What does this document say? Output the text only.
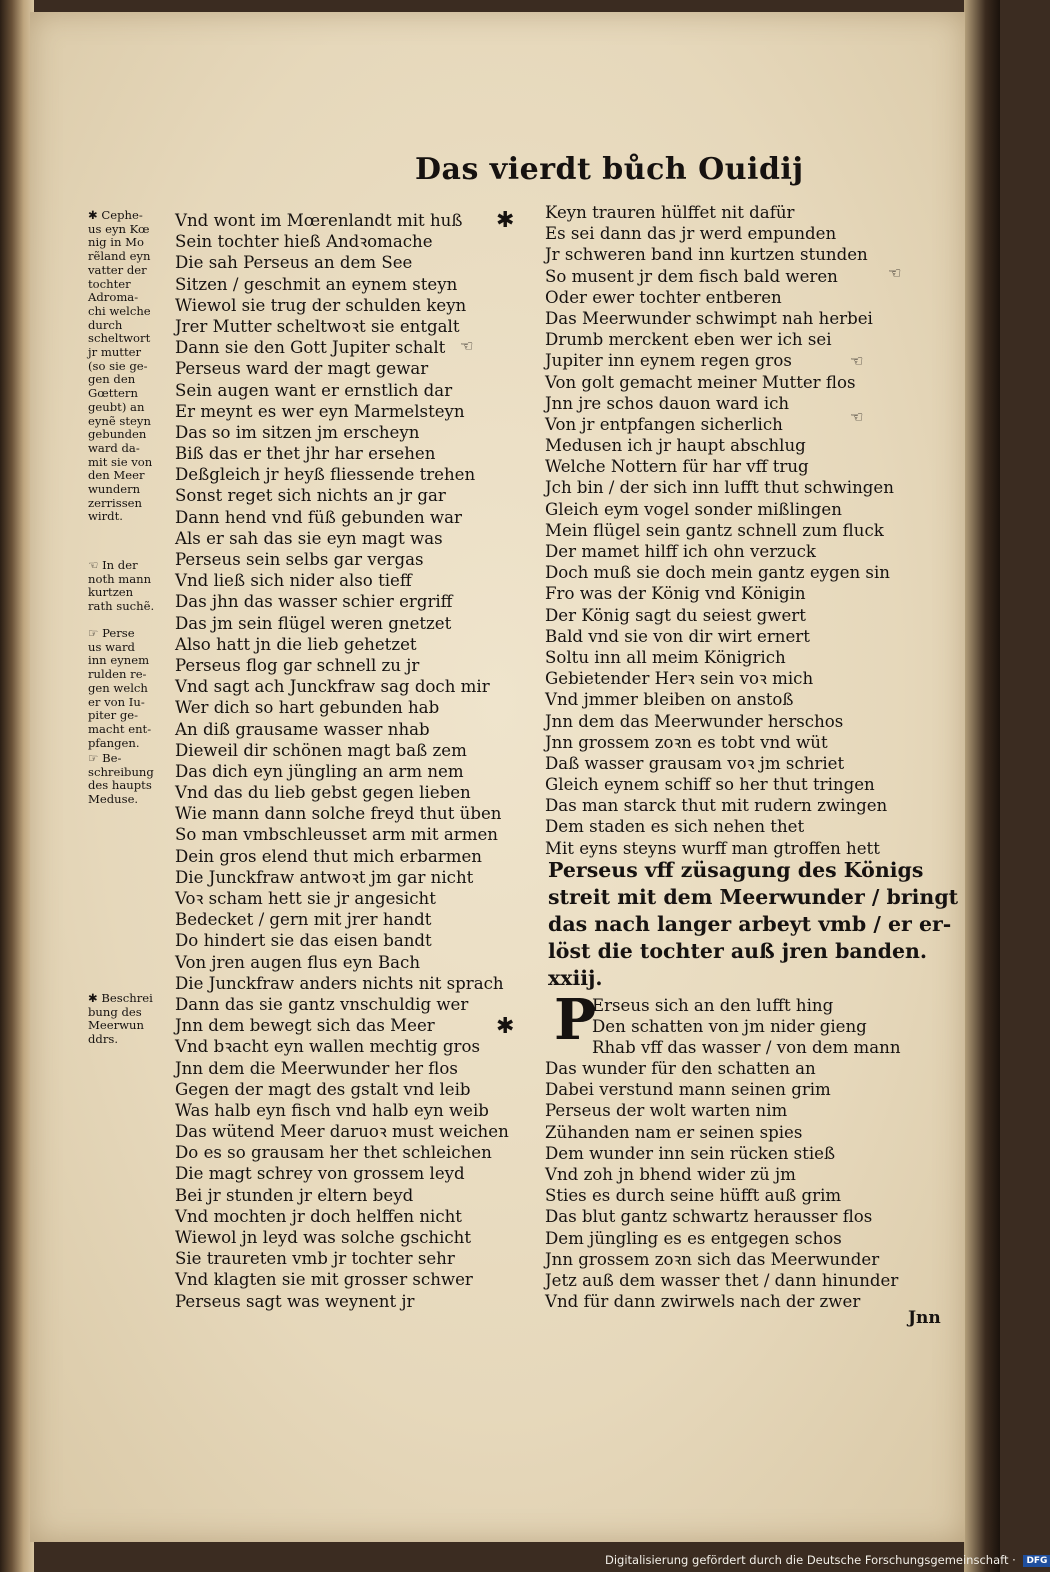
Das vierdt bůch Ouidij
✱ Cephe-
us eyn Kœ
nig in Mo
rẽland eyn
vatter der
tochter
Adroma-
chi welche
durch
scheltwort
jr mutter
(so sie ge-
gen den
Gœttern
geubt) an
eynẽ steyn
gebunden
ward da-
mit sie von
den Meer
wundern
zerrissen
wirdt.
☜ In der
noth mann
kurtzen
rath suchẽ.
☞ Perse
us ward
inn eynem
rulden re-
gen welch
er von Iu-
piter ge-
macht ent-
pfangen.
☞ Be-
schreibung
des haupts
Meduse.
✱ Beschrei
bung des
Meerwun
ddrs.
✱
✱
☜
☜
☜
☜
Vnd wont im Mœrenlandt mit huß
Sein tochter hieß Andꝛomache
Die sah Perseus an dem See
Sitzen / geschmit an eynem steyn
Wiewol sie trug der schulden keyn
Jrer Mutter scheltwoꝛt sie entgalt
Dann sie den Gott Jupiter schalt
Perseus ward der magt gewar
Sein augen want er ernstlich dar
Er meynt es wer eyn Marmelsteyn
Das so im sitzen jm erscheyn
Biß das er thet jhr har ersehen
Deßgleich jr heyß fliessende trehen
Sonst reget sich nichts an jr gar
Dann hend vnd füß gebunden war
Als er sah das sie eyn magt was
Perseus sein selbs gar vergas
Vnd ließ sich nider also tieff
Das jhn das wasser schier ergriff
Das jm sein flügel weren gnetzet
Also hatt jn die lieb gehetzet
Perseus flog gar schnell zu jr
Vnd sagt ach Junckfraw sag doch mir
Wer dich so hart gebunden hab
An diß grausame wasser nhab
Dieweil dir schönen magt baß zem
Das dich eyn jüngling an arm nem
Vnd das du lieb gebst gegen lieben
Wie mann dann solche freyd thut üben
So man vmbschleusset arm mit armen
Dein gros elend thut mich erbarmen
Die Junckfraw antwoꝛt jm gar nicht
Voꝛ scham hett sie jr angesicht
Bedecket / gern mit jrer handt
Do hindert sie das eisen bandt
Von jren augen flus eyn Bach
Die Junckfraw anders nichts nit sprach
Dann das sie gantz vnschuldig wer
Jnn dem bewegt sich das Meer
Vnd bꝛacht eyn wallen mechtig gros
Jnn dem die Meerwunder her flos
Gegen der magt des gstalt vnd leib
Was halb eyn fisch vnd halb eyn weib
Das wütend Meer daruoꝛ must weichen
Do es so grausam her thet schleichen
Die magt schrey von grossem leyd
Bei jr stunden jr eltern beyd
Vnd mochten jr doch helffen nicht
Wiewol jn leyd was solche gschicht
Sie traureten vmb jr tochter sehr
Vnd klagten sie mit grosser schwer
Perseus sagt was weynent jr
Keyn trauren hülffet nit dafür
Es sei dann das jr werd empunden
Jr schweren band inn kurtzen stunden
So musent jr dem fisch bald weren
Oder ewer tochter entberen
Das Meerwunder schwimpt nah herbei
Drumb merckent eben wer ich sei
Jupiter inn eynem regen gros
Von golt gemacht meiner Mutter flos
Jnn jre schos dauon ward ich
Von jr entpfangen sicherlich
Medusen ich jr haupt abschlug
Welche Nottern für har vff trug
Jch bin / der sich inn lufft thut schwingen
Gleich eym vogel sonder mißlingen
Mein flügel sein gantz schnell zum fluck
Der mamet hilff ich ohn verzuck
Doch muß sie doch mein gantz eygen sin
Fro was der König vnd Königin
Der König sagt du seiest gwert
Bald vnd sie von dir wirt ernert
Soltu inn all meim Königrich
Gebietender Herꝛ sein voꝛ mich
Vnd jmmer bleiben on anstoß
Jnn dem das Meerwunder herschos
Jnn grossem zoꝛn es tobt vnd wüt
Daß wasser grausam voꝛ jm schriet
Gleich eynem schiff so her thut tringen
Das man starck thut mit rudern zwingen
Dem staden es sich nehen thet
Mit eyns steyns wurff man gtroffen hett
Perseus vff züsagung des Königs
streit mit dem Meerwunder / bringt
das nach langer arbeyt vmb / er er-
löst die tochter auß jren banden.
xxiij.
P
Erseus sich an den lufft hing
Den schatten von jm nider gieng
Rhab vff das wasser / von dem mann
Das wunder für den schatten an
Dabei verstund mann seinen grim
Perseus der wolt warten nim
Zühanden nam er seinen spies
Dem wunder inn sein rücken stieß
Vnd zoh jn bhend wider zü jm
Sties es durch seine hüfft auß grim
Das blut gantz schwartz herausser flos
Dem jüngling es es entgegen schos
Jnn grossem zoꝛn sich das Meerwunder
Jetz auß dem wasser thet / dann hinunder
Vnd für dann zwirwels nach der zwer
Jnn
Digitalisierung gefördert durch die Deutsche Forschungsgemeinschaft · DFG
